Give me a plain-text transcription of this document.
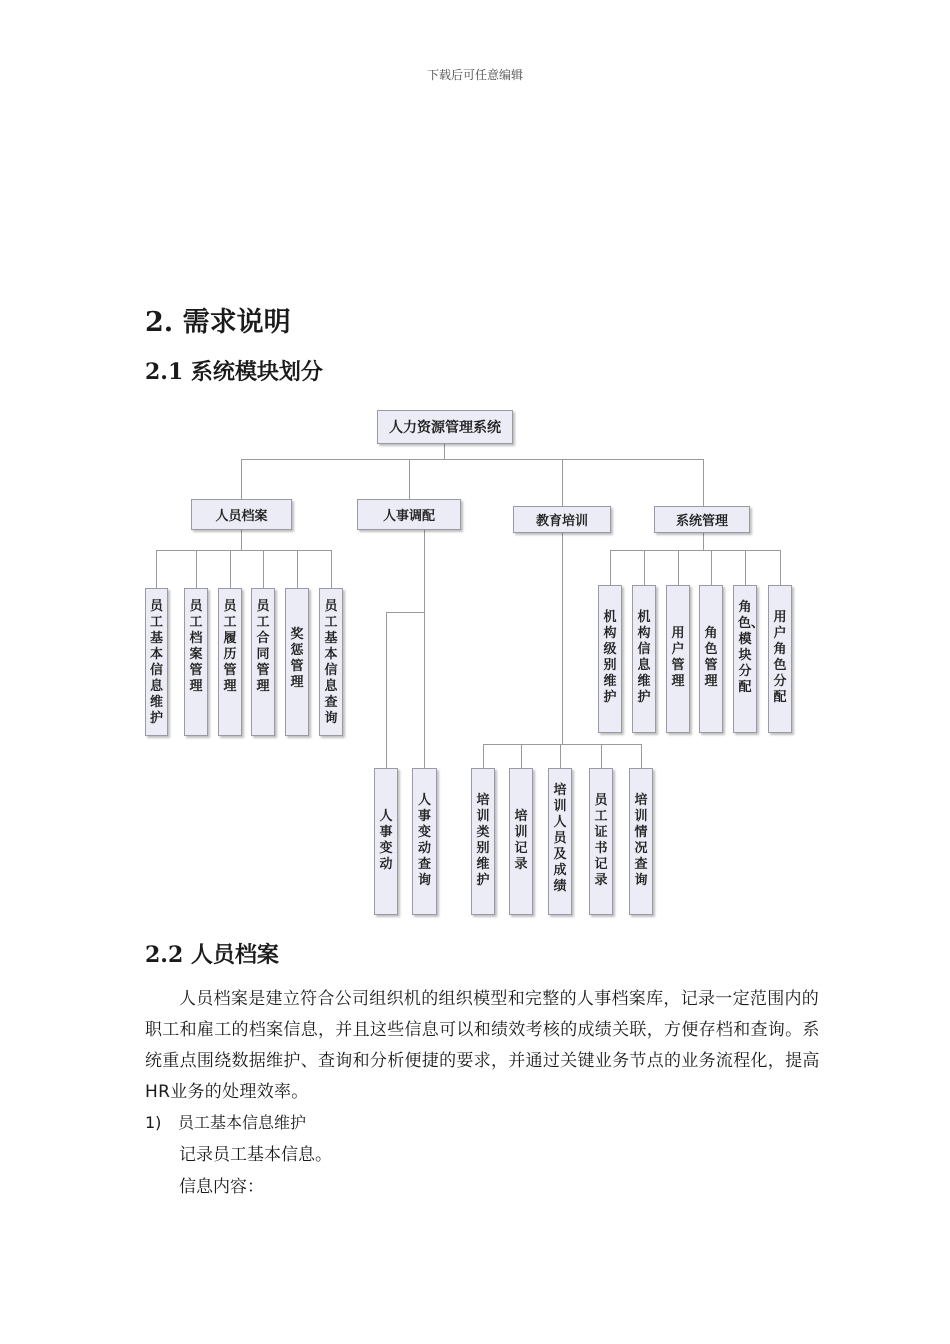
下载后可任意编辑
2. 需求说明
2.1 系统模块划分
人力资源管理系统
人员档案	人事调配	教育培训	系统管理
员工基本信息维护
员工档案管理
员工履历管理
员工合同管理
奖惩管理
员工基本信息查询
人事变动
人事变动查询
培训类别维护
培训记录
培训人员及成绩
员工证书记录
培训情况查询
机构级别维护
机构信息维护
用户管理
角色管理
角色、模块分配
用户角色分配
2.2 人员档案
人员档案是建立符合公司组织机的组织模型和完整的人事档案库，记录一定范围内的职工和雇工的档案信息，并且这些信息可以和绩效考核的成绩关联，方便存档和查询。系统重点围绕数据维护、查询和分析便捷的要求，并通过关键业务节点的业务流程化，提高HR业务的处理效率。
1) 员工基本信息维护
记录员工基本信息。
信息内容：
